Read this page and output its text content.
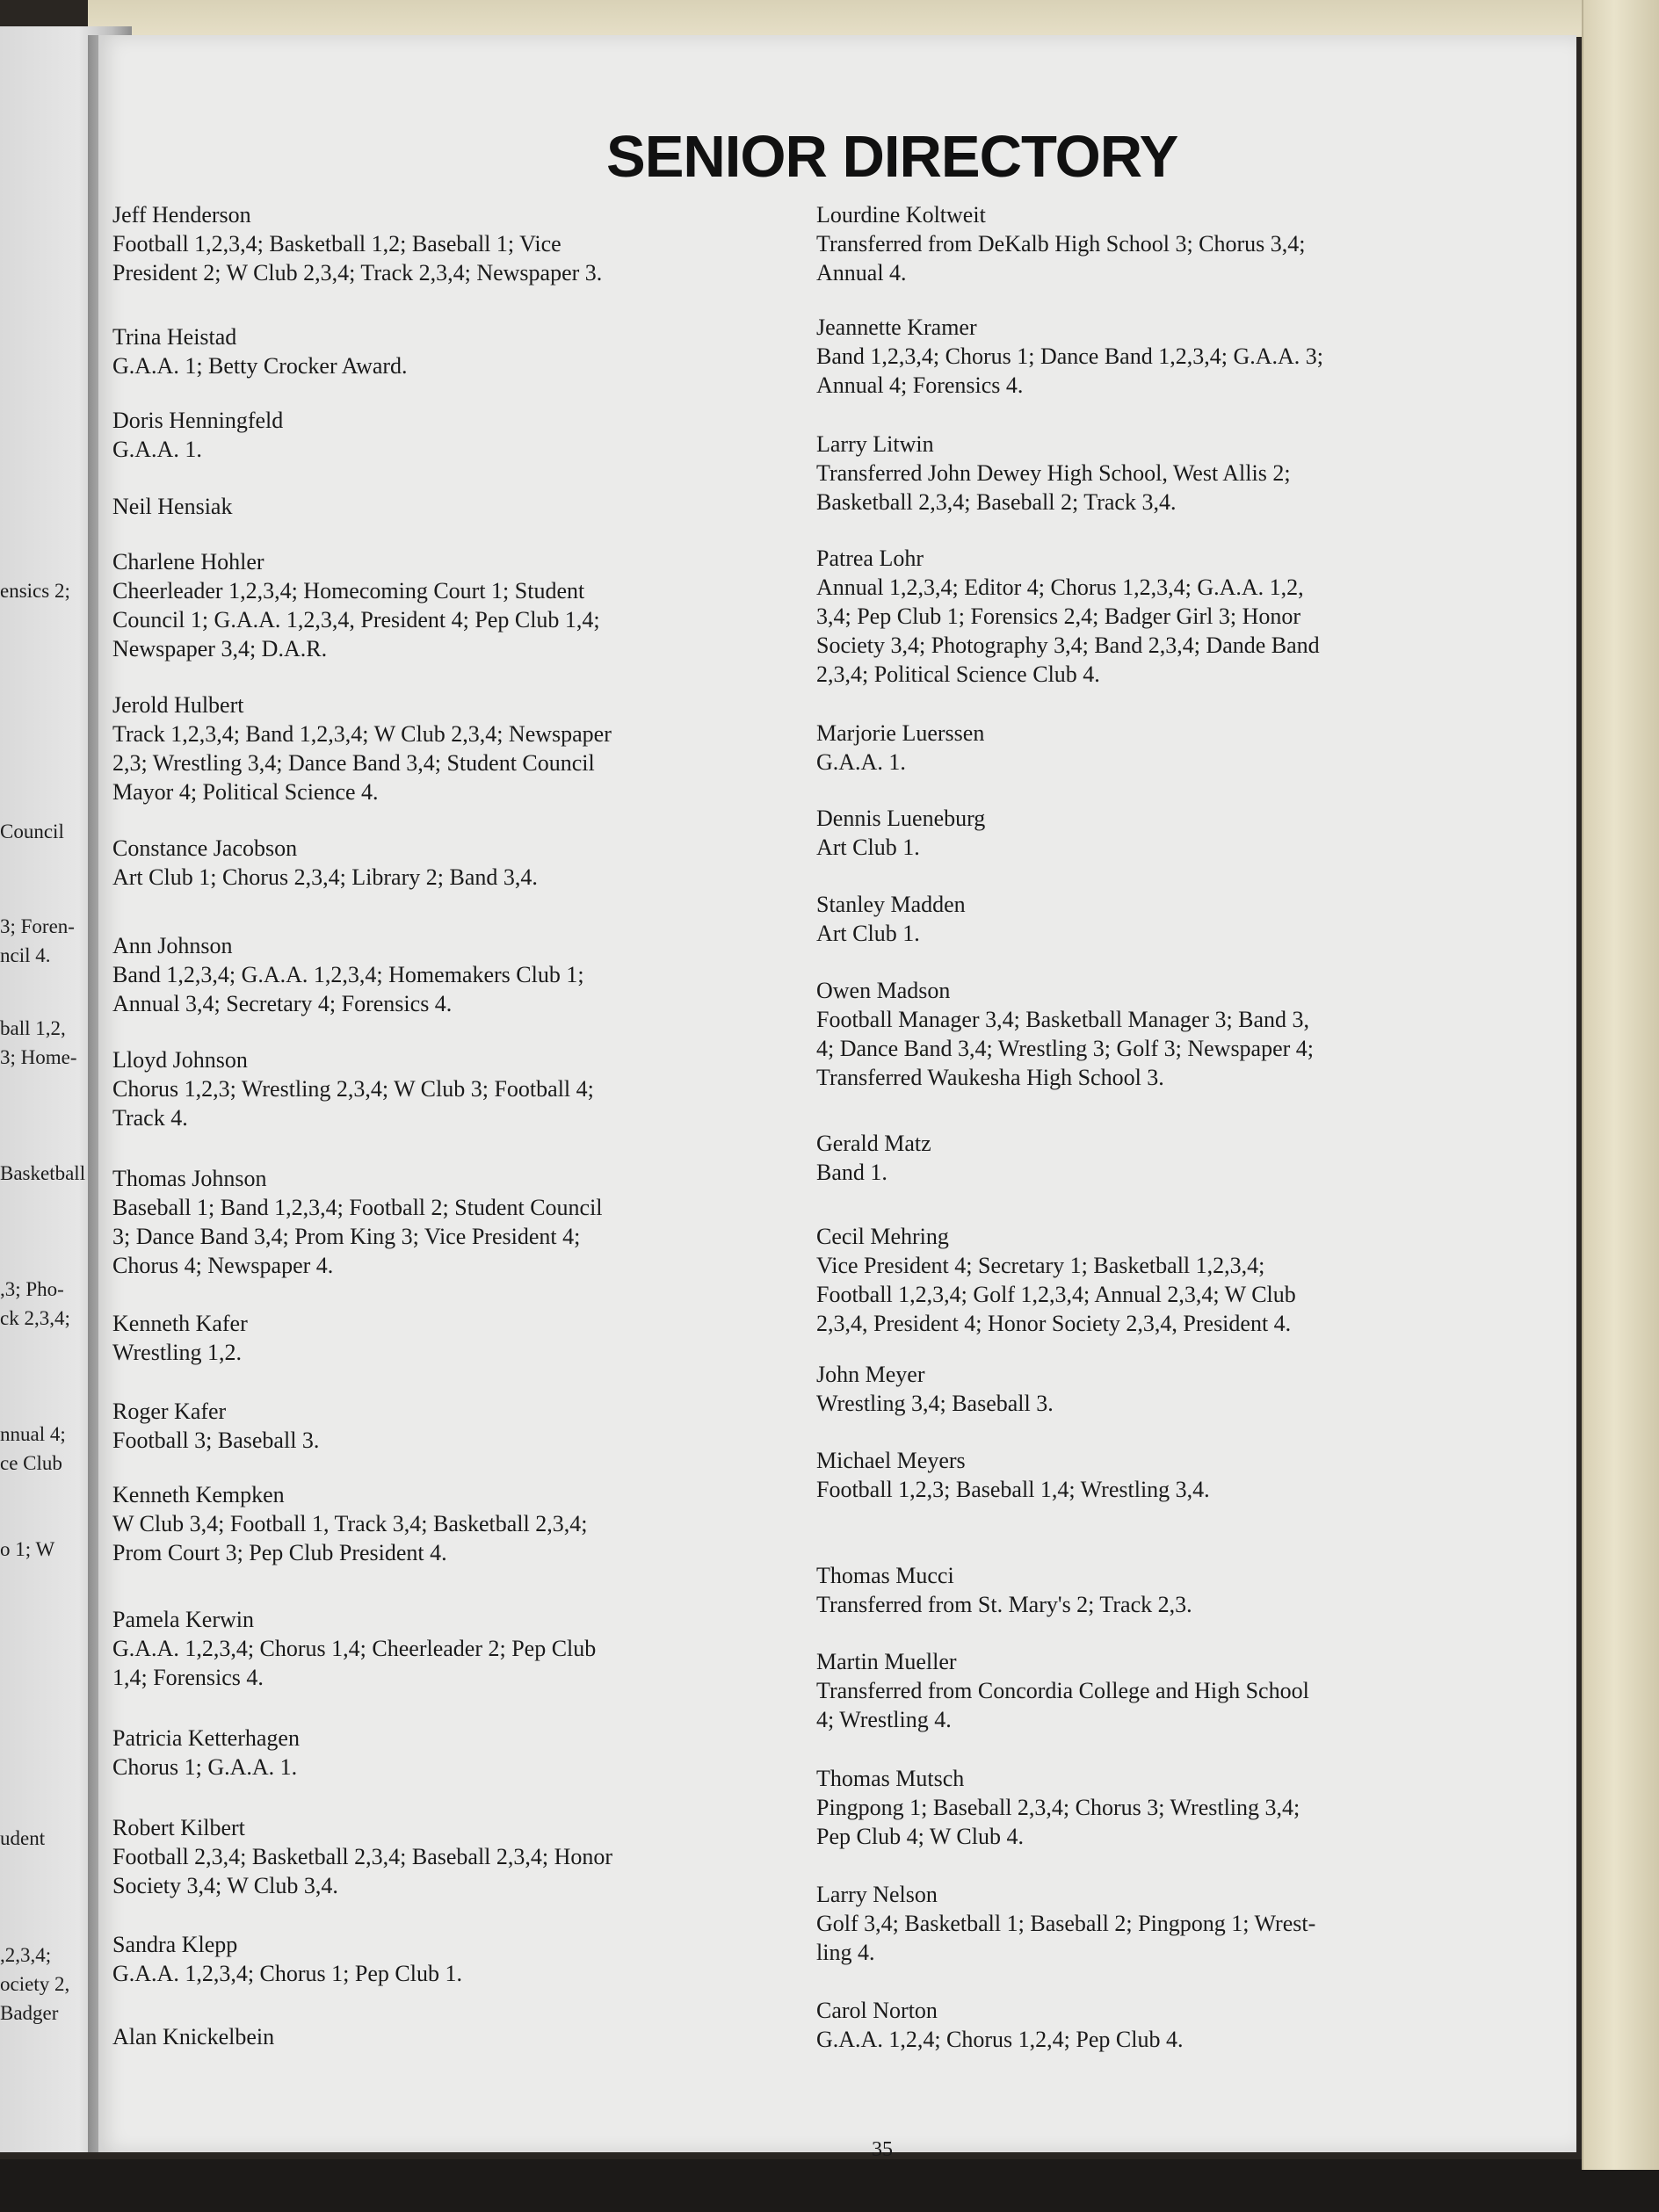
ensics 2;
Council
3; Foren-
ncil 4.
ball 1,2,
3; Home-
Basketball
,3; Pho-
ck 2,3,4;
nnual 4;
ce Club
o 1; W
udent
,2,3,4;
ociety 2,
Badger
SENIOR DIRECTORY
Jeff Henderson
Football 1,2,3,4; Basketball 1,2; Baseball 1; Vice
President 2; W Club 2,3,4; Track 2,3,4; Newspaper 3.
Trina Heistad
G.A.A. 1; Betty Crocker Award.
Doris Henningfeld
G.A.A. 1.
Neil Hensiak
Charlene Hohler
Cheerleader 1,2,3,4; Homecoming Court 1; Student
Council 1; G.A.A. 1,2,3,4, President 4; Pep Club 1,4;
Newspaper 3,4; D.A.R.
Jerold Hulbert
Track 1,2,3,4; Band 1,2,3,4; W Club 2,3,4; Newspaper
2,3; Wrestling 3,4; Dance Band 3,4; Student Council
Mayor 4; Political Science 4.
Constance Jacobson
Art Club 1; Chorus 2,3,4; Library 2; Band 3,4.
Ann Johnson
Band 1,2,3,4; G.A.A. 1,2,3,4; Homemakers Club 1;
Annual 3,4; Secretary 4; Forensics 4.
Lloyd Johnson
Chorus 1,2,3; Wrestling 2,3,4; W Club 3; Football 4;
Track 4.
Thomas Johnson
Baseball 1; Band 1,2,3,4; Football 2; Student Council
3; Dance Band 3,4; Prom King 3; Vice President 4;
Chorus 4; Newspaper 4.
Kenneth Kafer
Wrestling 1,2.
Roger Kafer
Football 3; Baseball 3.
Kenneth Kempken
W Club 3,4; Football 1, Track 3,4; Basketball 2,3,4;
Prom Court 3; Pep Club President 4.
Pamela Kerwin
G.A.A. 1,2,3,4; Chorus 1,4; Cheerleader 2; Pep Club
1,4; Forensics 4.
Patricia Ketterhagen
Chorus 1; G.A.A. 1.
Robert Kilbert
Football 2,3,4; Basketball 2,3,4; Baseball 2,3,4; Honor
Society 3,4; W Club 3,4.
Sandra Klepp
G.A.A. 1,2,3,4; Chorus 1; Pep Club 1.
Alan Knickelbein
Lourdine Koltweit
Transferred from DeKalb High School 3; Chorus 3,4;
Annual 4.
Jeannette Kramer
Band 1,2,3,4; Chorus 1; Dance Band 1,2,3,4; G.A.A. 3;
Annual 4; Forensics 4.
Larry Litwin
Transferred John Dewey High School, West Allis 2;
Basketball 2,3,4; Baseball 2; Track 3,4.
Patrea Lohr
Annual 1,2,3,4; Editor 4; Chorus 1,2,3,4; G.A.A. 1,2,
3,4; Pep Club 1; Forensics 2,4; Badger Girl 3; Honor
Society 3,4; Photography 3,4; Band 2,3,4; Dande Band
2,3,4; Political Science Club 4.
Marjorie Luerssen
G.A.A. 1.
Dennis Lueneburg
Art Club 1.
Stanley Madden
Art Club 1.
Owen Madson
Football Manager 3,4; Basketball Manager 3; Band 3,
4; Dance Band 3,4; Wrestling 3; Golf 3; Newspaper 4;
Transferred Waukesha High School 3.
Gerald Matz
Band 1.
Cecil Mehring
Vice President 4; Secretary 1; Basketball 1,2,3,4;
Football 1,2,3,4; Golf 1,2,3,4; Annual 2,3,4; W Club
2,3,4, President 4; Honor Society 2,3,4, President 4.
John Meyer
Wrestling 3,4; Baseball 3.
Michael Meyers
Football 1,2,3; Baseball 1,4; Wrestling 3,4.
Thomas Mucci
Transferred from St. Mary's 2; Track 2,3.
Martin Mueller
Transferred from Concordia College and High School
4; Wrestling 4.
Thomas Mutsch
Pingpong 1; Baseball 2,3,4; Chorus 3; Wrestling 3,4;
Pep Club 4; W Club 4.
Larry Nelson
Golf 3,4; Basketball 1; Baseball 2; Pingpong 1; Wrest-
ling 4.
Carol Norton
G.A.A. 1,2,4; Chorus 1,2,4; Pep Club 4.
35
